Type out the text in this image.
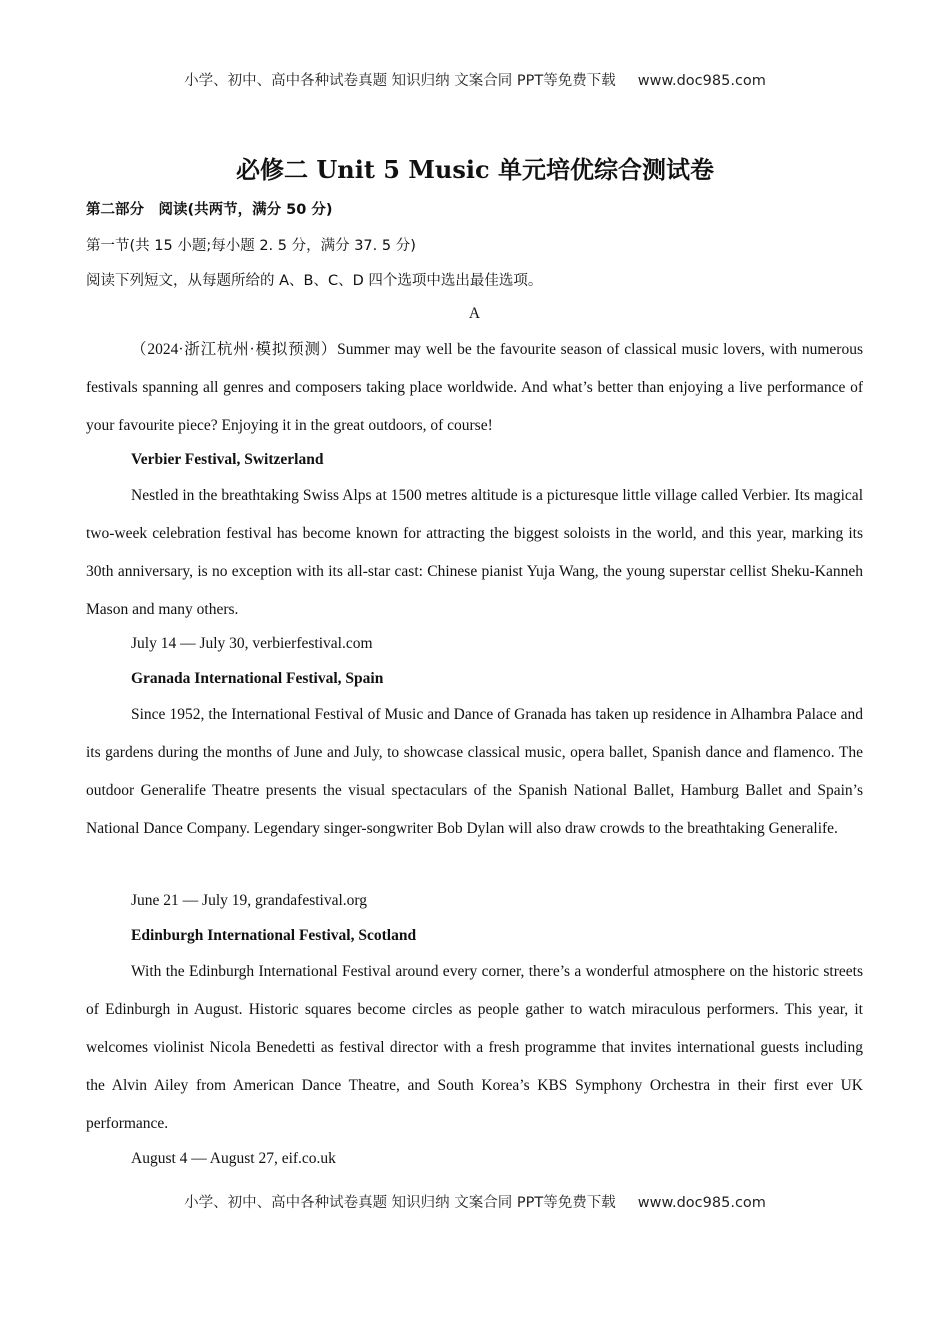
小学、初中、高中各种试卷真题 知识归纳 文案合同 PPT等免费下载 www.doc985.com
必修二 Unit 5 Music 单元培优综合测试卷
第二部分　阅读(共两节，满分 50 分)
第一节(共 15 小题;每小题 2. 5 分，满分 37. 5 分)
阅读下列短文，从每题所给的 A、B、C、D 四个选项中选出最佳选项。
A
（2024·浙江杭州·模拟预测）Summer may well be the favourite season of classical music lovers, with numerous festivals spanning all genres and composers taking place worldwide. And what’s better than enjoying a live performance of your favourite piece? Enjoying it in the great outdoors, of course!
Verbier Festival, Switzerland
Nestled in the breathtaking Swiss Alps at 1500 metres altitude is a picturesque little village called Verbier. Its magical two-week celebration festival has become known for attracting the biggest soloists in the world, and this year, marking its 30th anniversary, is no exception with its all-star cast: Chinese pianist Yuja Wang, the young superstar cellist Sheku-Kanneh Mason and many others.
July 14 — July 30, verbierfestival.com
Granada International Festival, Spain
Since 1952, the International Festival of Music and Dance of Granada has taken up residence in Alhambra Palace and its gardens during the months of June and July, to showcase classical music, opera ballet, Spanish dance and flamenco. The outdoor Generalife Theatre presents the visual spectaculars of the Spanish National Ballet, Hamburg Ballet and Spain’s National Dance Company. Legendary singer-songwriter Bob Dylan will also draw crowds to the breathtaking Generalife.
June 21 — July 19, grandafestival.org
Edinburgh International Festival, Scotland
With the Edinburgh International Festival around every corner, there’s a wonderful atmosphere on the historic streets of Edinburgh in August. Historic squares become circles as people gather to watch miraculous performers. This year, it welcomes violinist Nicola Benedetti as festival director with a fresh programme that invites international guests including the Alvin Ailey from American Dance Theatre, and South Korea’s KBS Symphony Orchestra in their first ever UK performance.
August 4 — August 27, eif.co.uk
小学、初中、高中各种试卷真题 知识归纳 文案合同 PPT等免费下载 www.doc985.com
